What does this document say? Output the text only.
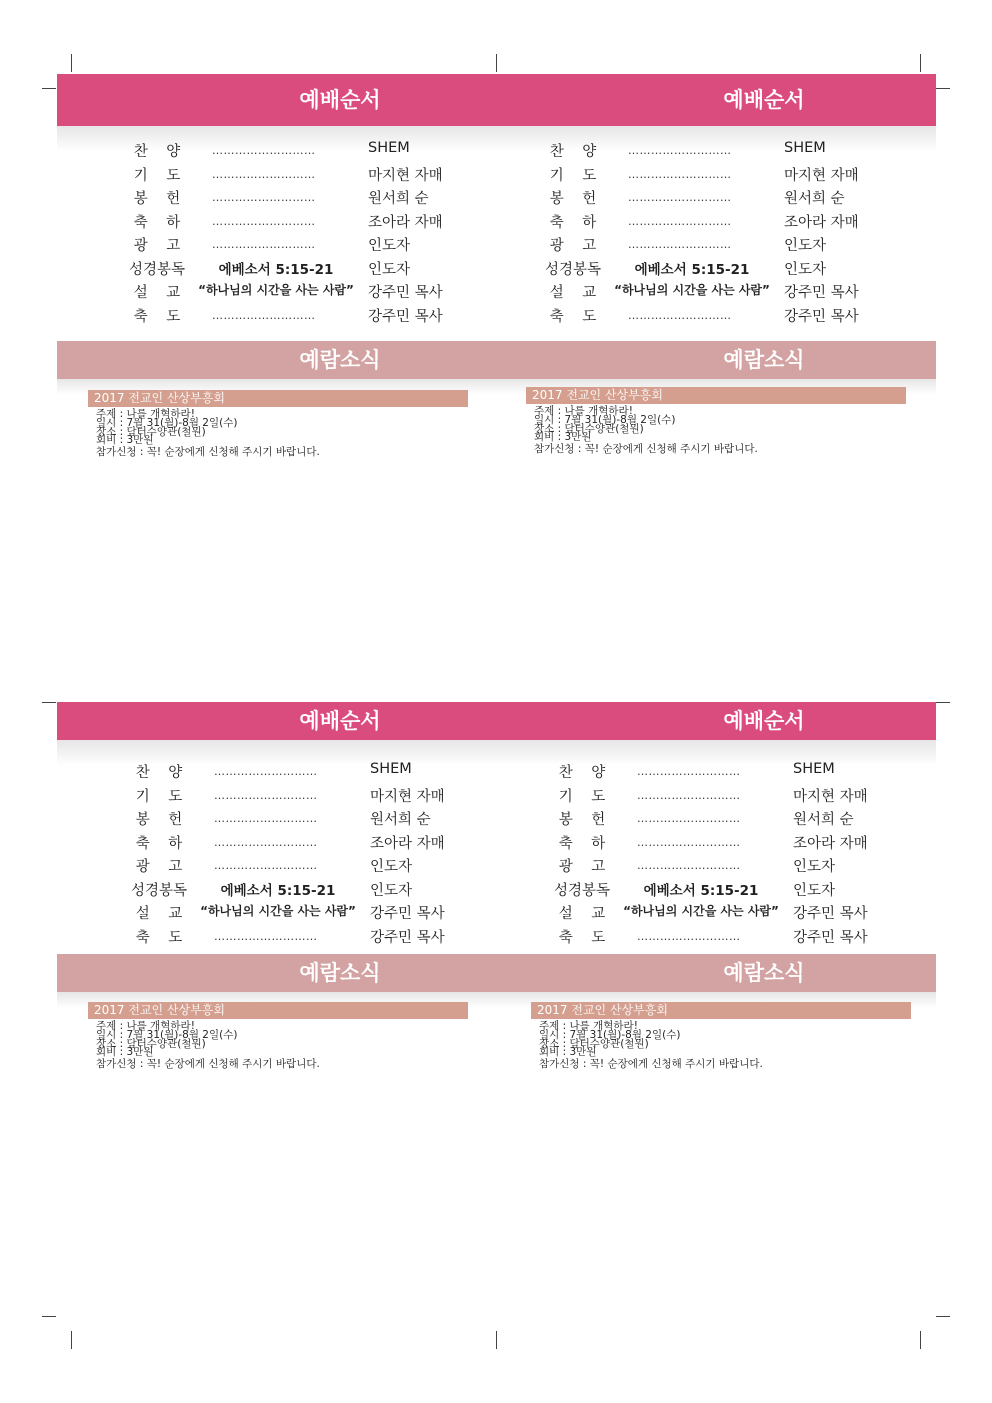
예배순서	예배순서
찬 양	………………………	SHEM
기 도	………………………	마지현 자매
봉 헌	………………………	원서희 순
축 하	………………………	조아라 자매
광 고	………………………	인도자
성경봉독	에베소서 5:15-21	인도자
설 교	“하나님의 시간을 사는 사람” 강주민 목사
축 도	………………………	강주민 목사
찬 양	………………………	SHEM
기 도	………………………	마지현 자매
봉 헌	………………………	원서희 순
축 하	………………………	조아라 자매
광 고	………………………	인도자
성경봉독	에베소서 5:15-21	인도자
설 교	“하나님의 시간을 사는 사람” 강주민 목사
축 도	………………………	강주민 목사
예람소식	예람소식
2017 전교인 산상부흥회
주제 : 나를 개혁하라!
일시 : 7월 31(월)-8월 2일(수)
장소 : 담터수양관(철원)
회비 : 3만원
참가신청 : 꼭! 순장에게 신청해 주시기 바랍니다.
2017 전교인 산상부흥회
주제 : 나를 개혁하라!
일시 : 7월 31(월)-8월 2일(수)
장소 : 담터수양관(철원)
회비 : 3만원
참가신청 : 꼭! 순장에게 신청해 주시기 바랍니다.
예배순서	예배순서
찬 양	………………………	SHEM
기 도	………………………	마지현 자매
봉 헌	………………………	원서희 순
축 하	………………………	조아라 자매
광 고	………………………	인도자
성경봉독	에베소서 5:15-21	인도자
설 교	“하나님의 시간을 사는 사람” 강주민 목사
축 도	………………………	강주민 목사
찬 양	………………………	SHEM
기 도	………………………	마지현 자매
봉 헌	………………………	원서희 순
축 하	………………………	조아라 자매
광 고	………………………	인도자
성경봉독	에베소서 5:15-21	인도자
설 교	“하나님의 시간을 사는 사람” 강주민 목사
축 도	………………………	강주민 목사
예람소식	예람소식
2017 전교인 산상부흥회
주제 : 나를 개혁하라!
일시 : 7월 31(월)-8월 2일(수)
장소 : 담터수양관(철원)
회비 : 3만원
참가신청 : 꼭! 순장에게 신청해 주시기 바랍니다.
2017 전교인 산상부흥회
주제 : 나를 개혁하라!
일시 : 7월 31(월)-8월 2일(수)
장소 : 담터수양관(철원)
회비 : 3만원
참가신청 : 꼭! 순장에게 신청해 주시기 바랍니다.
